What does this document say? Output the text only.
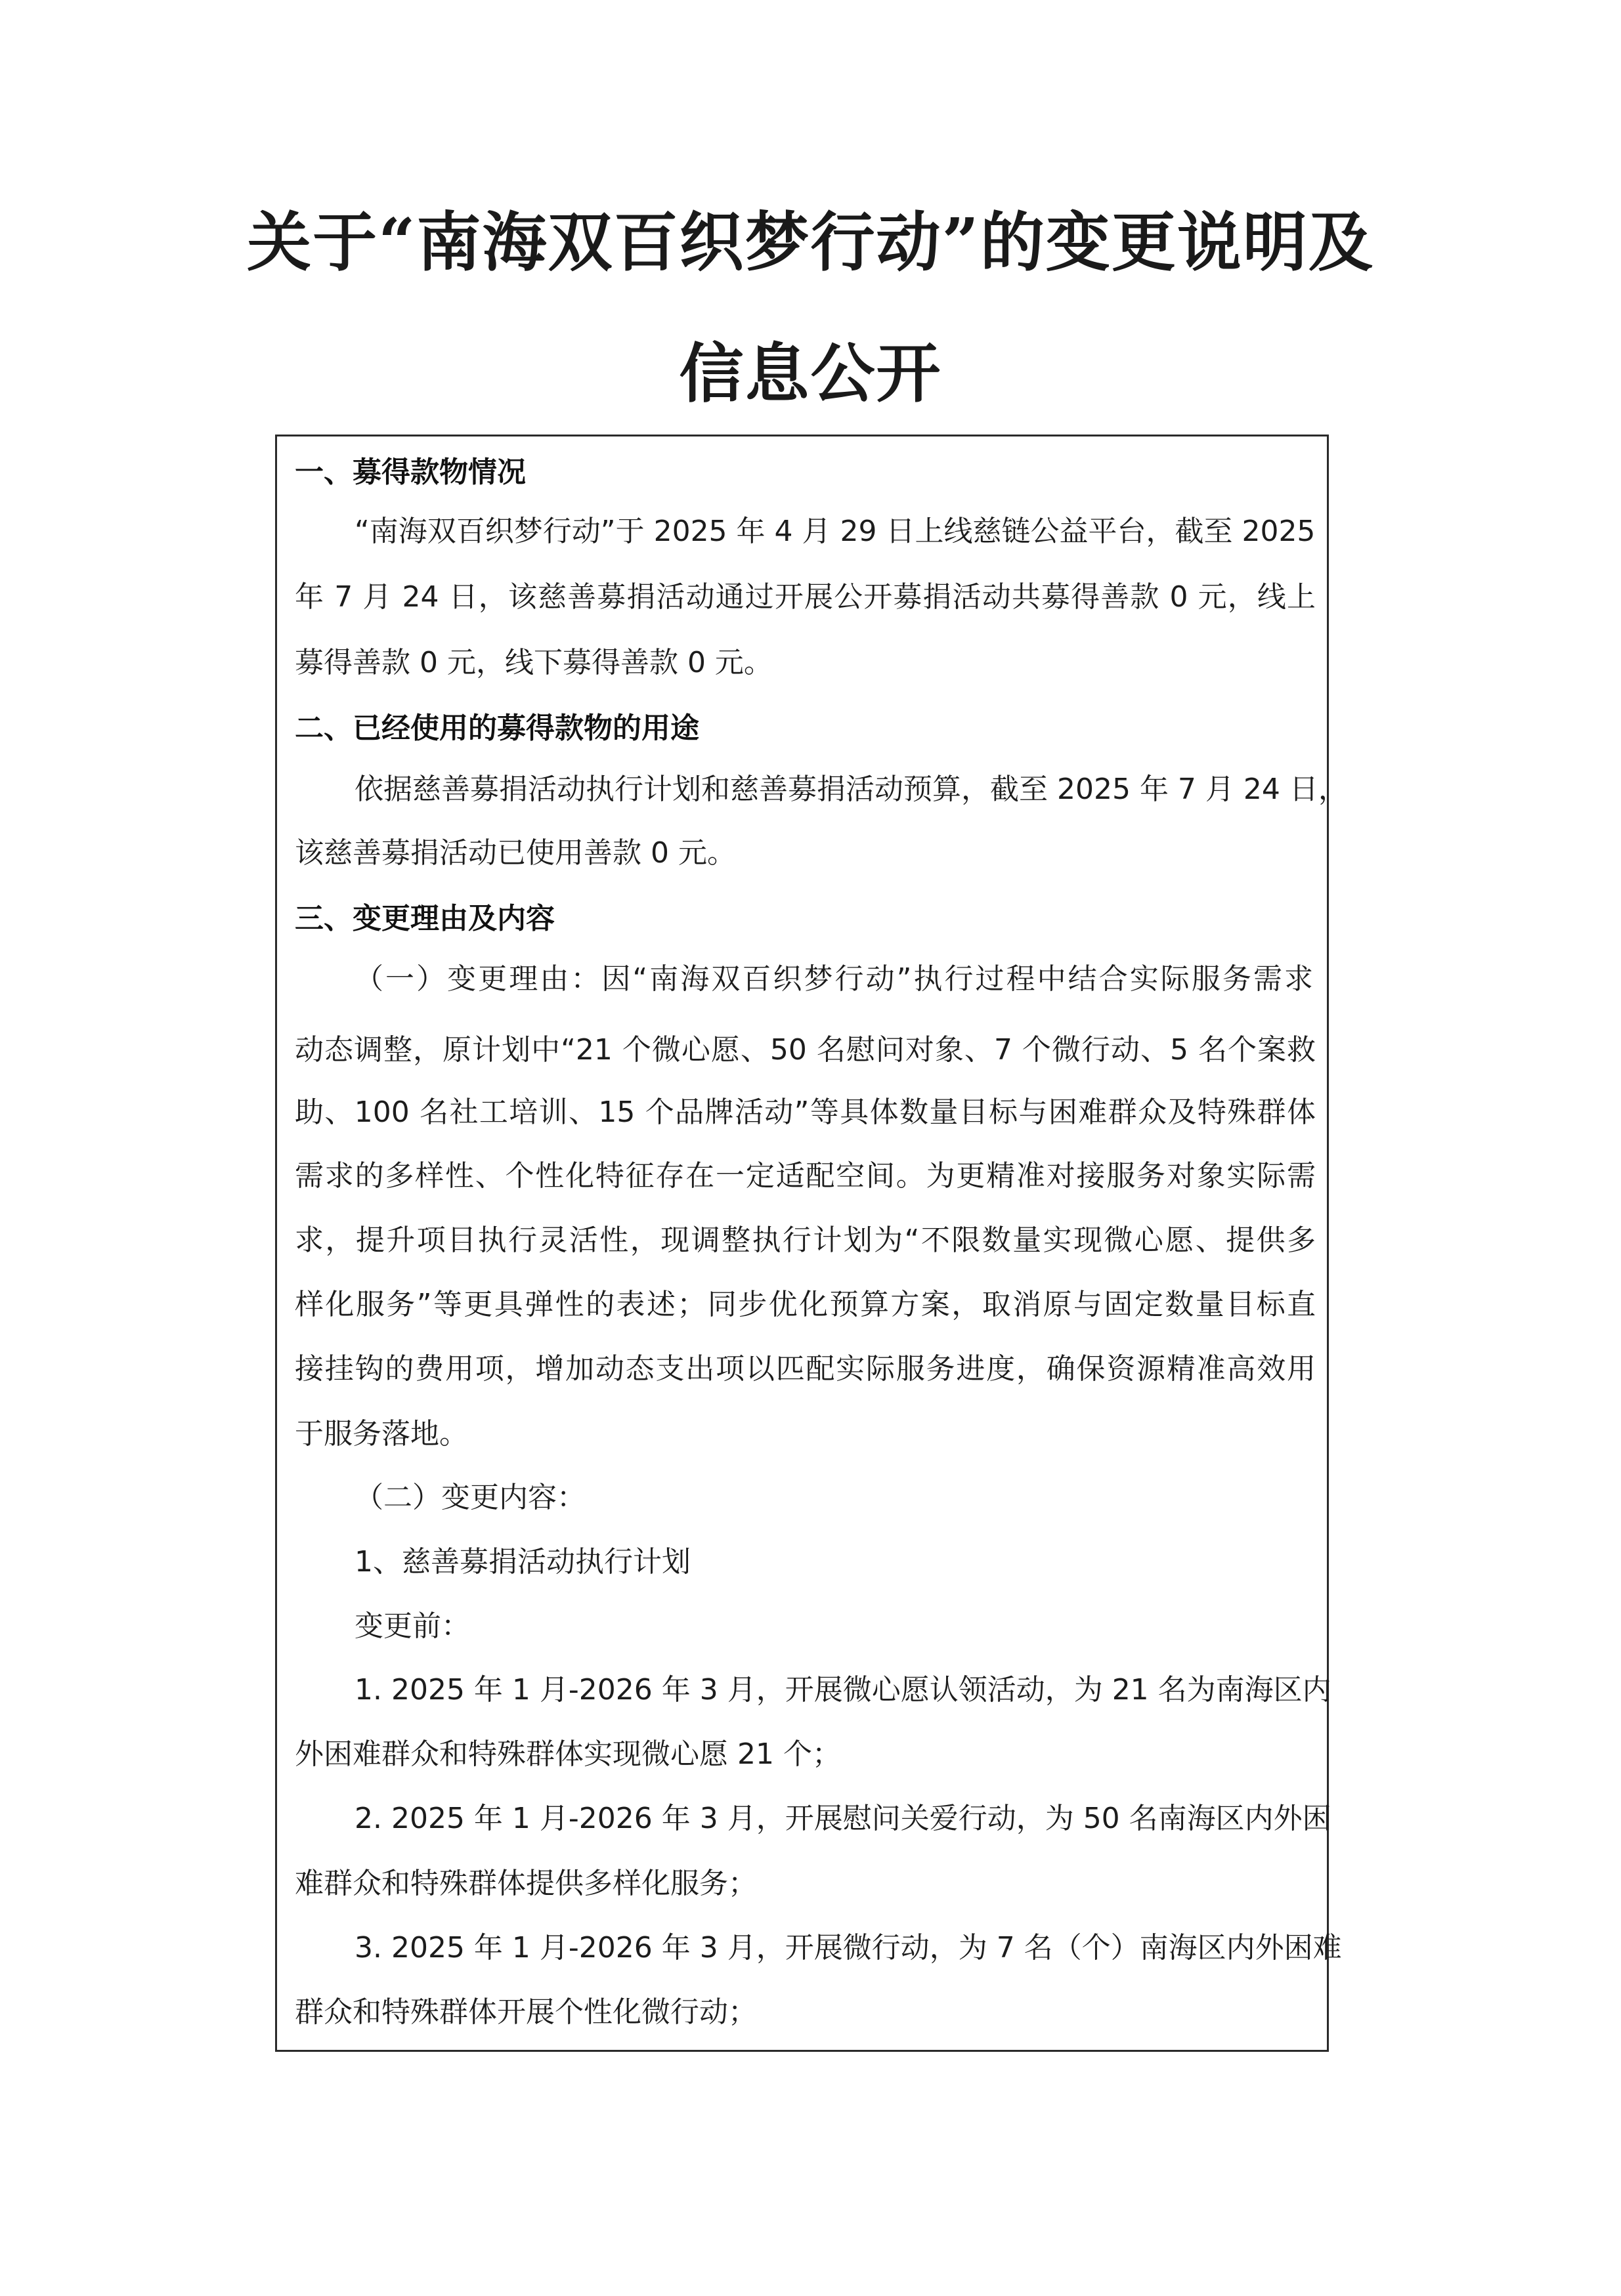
关于“南海双百织梦行动”的变更说明及
信息公开
一、募得款物情况
“南海双百织梦行动”于 2025 年 4 月 29 日上线慈链公益平台，截至 2025
年 7 月 24 日，该慈善募捐活动通过开展公开募捐活动共募得善款 0 元，线上
募得善款 0 元，线下募得善款 0 元。
二、已经使用的募得款物的用途
依据慈善募捐活动执行计划和慈善募捐活动预算，截至 2025 年 7 月 24 日，
该慈善募捐活动已使用善款 0 元。
三、变更理由及内容
（一）变更理由：因“南海双百织梦行动”执行过程中结合实际服务需求
动态调整，原计划中“21 个微心愿、50 名慰问对象、7 个微行动、5 名个案救
助、100 名社工培训、15 个品牌活动”等具体数量目标与困难群众及特殊群体
需求的多样性、个性化特征存在一定适配空间。为更精准对接服务对象实际需
求，提升项目执行灵活性，现调整执行计划为“不限数量实现微心愿、提供多
样化服务”等更具弹性的表述；同步优化预算方案，取消原与固定数量目标直
接挂钩的费用项，增加动态支出项以匹配实际服务进度，确保资源精准高效用
于服务落地。
（二）变更内容：
1、慈善募捐活动执行计划
变更前：
1. 2025 年 1 月-2026 年 3 月，开展微心愿认领活动，为 21 名为南海区内
外困难群众和特殊群体实现微心愿 21 个；
2. 2025 年 1 月-2026 年 3 月，开展慰问关爱行动，为 50 名南海区内外困
难群众和特殊群体提供多样化服务；
3. 2025 年 1 月-2026 年 3 月，开展微行动，为 7 名（个）南海区内外困难
群众和特殊群体开展个性化微行动；
